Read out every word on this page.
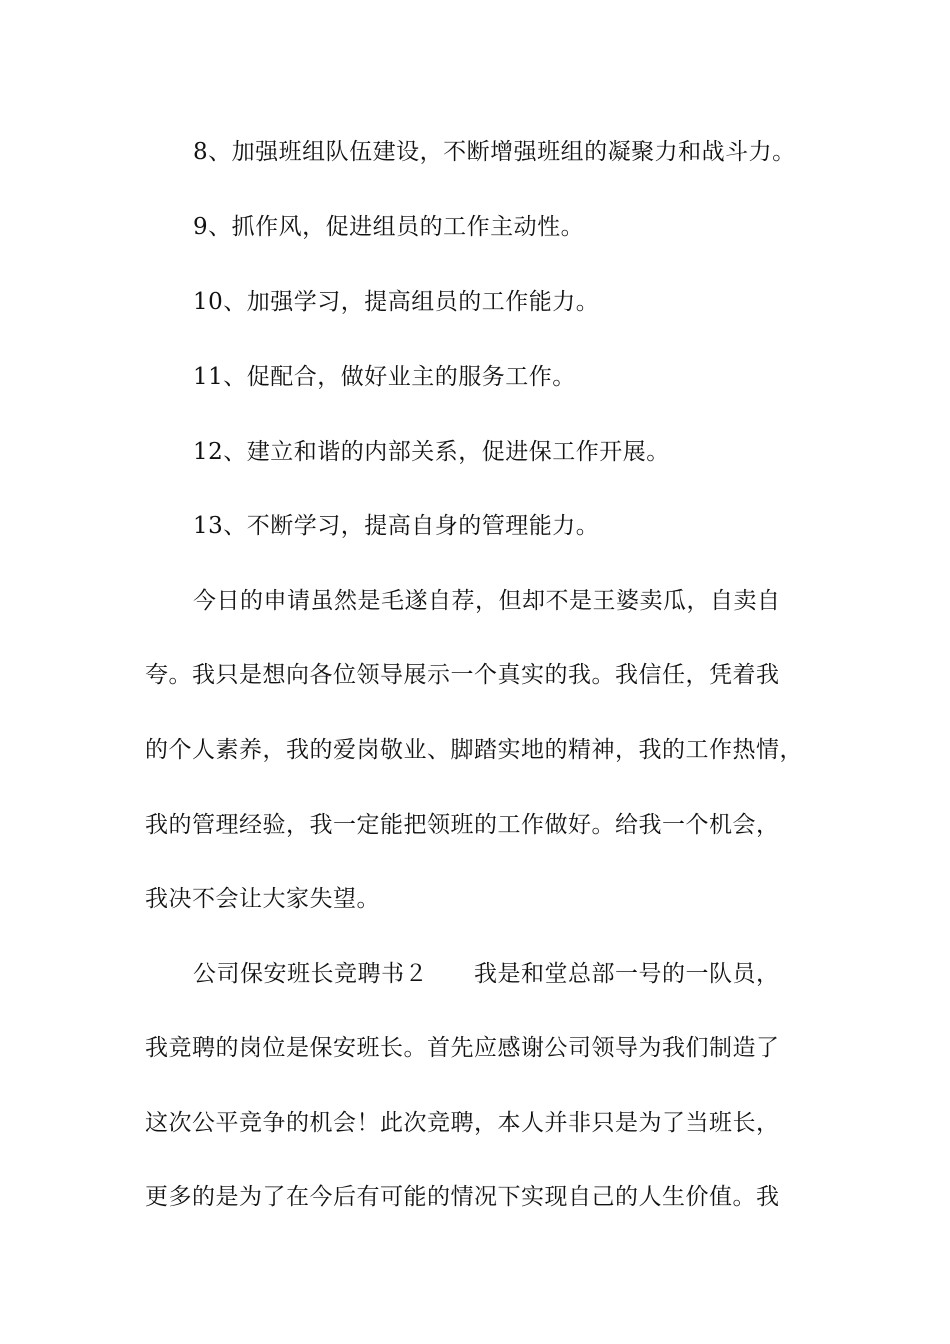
8、加强班组队伍建设，不断增强班组的凝聚力和战斗力。
9、抓作风，促进组员的工作主动性。
10、加强学习，提高组员的工作能力。
11、促配合，做好业主的服务工作。
12、建立和谐的内部关系，促进保工作开展。
13、不断学习，提高自身的管理能力。
今日的申请虽然是毛遂自荐，但却不是王婆卖瓜，自卖自
夸。我只是想向各位领导展示一个真实的我。我信任，凭着我
的个人素养，我的爱岗敬业、脚踏实地的精神，我的工作热情，
我的管理经验，我一定能把领班的工作做好。给我一个机会，
我决不会让大家失望。
公司保安班长竞聘书２ 我是和堂总部一号的一队员，
我竞聘的岗位是保安班长。首先应感谢公司领导为我们制造了
这次公平竞争的机会！此次竞聘，本人并非只是为了当班长，
更多的是为了在今后有可能的情况下实现自己的人生价值。我
